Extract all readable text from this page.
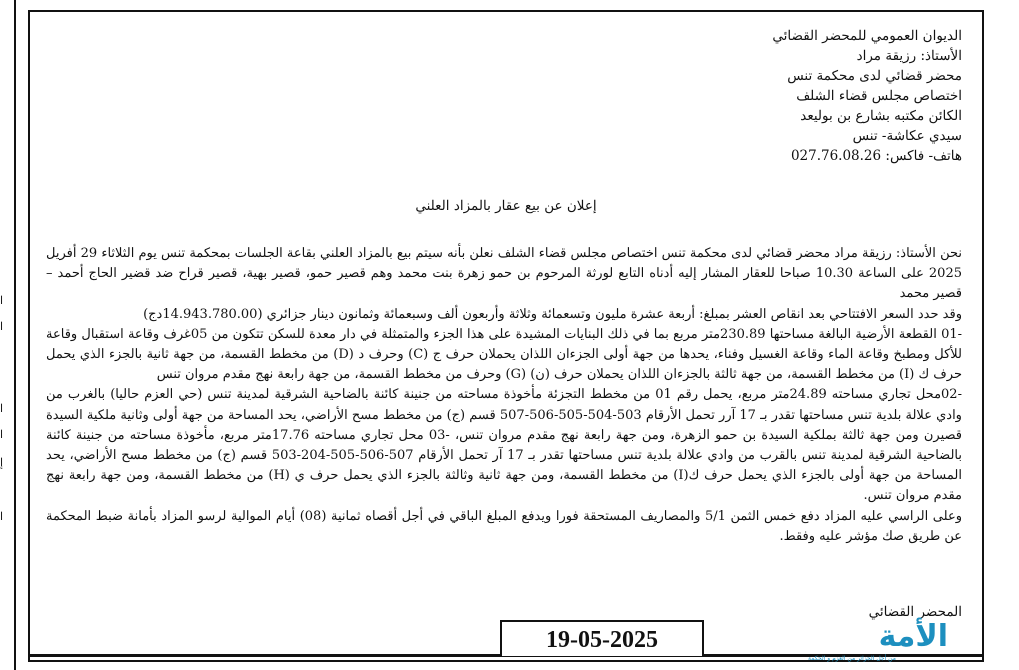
ا
ا
ا
ا
إ
ا
الديوان العمومي للمحضر القضائي
الأستاذ: رزيقة مراد
محضر قضائي لدى محكمة تنس
اختصاص مجلس قضاء الشلف
الكائن مكتبه بشارع بن بوليعد
سيدي عكاشة- تنس
هاتف- فاكس: 027.76.08.26
إعلان عن بيع عقار بالمزاد العلني

نحن الأستاذ: رزيقة مراد محضر قضائي لدى محكمة تنس اختصاص مجلس قضاء الشلف نعلن بأنه سيتم بيع بالمزاد العلني بقاعة الجلسات بمحكمة تنس يوم الثلاثاء 29 أفريل 2025 على الساعة 10.30 صباحا للعقار المشار إليه أدناه التابع لورثة المرحوم بن حمو زهرة بنت محمد وهم قصير حمو، قصير بهية، قصير قراح ضد قضير الحاج أحمد – قصير محمد

وقد حدد السعر الافتتاحي بعد انقاص العشر بمبلغ: أربعة عشرة مليون وتسعمائة وثلاثة وأربعون ألف وسبعمائة وثمانون دينار جزائري (14.943.780.00دج)

-01 القطعة الأرضية البالغة مساحتها 230.89متر مربع بما في ذلك البنايات المشيدة على هذا الجزء والمتمثلة في دار معدة للسكن تتكون من 05غرف وقاعة استقبال وقاعة للأكل ومطبخ وقاعة الماء وقاعة الغسيل وفناء، يحدها من جهة أولى الجزءان اللذان يحملان حرف ج (C) وحرف د (D) من مخطط القسمة، من جهة ثانية بالجزء الذي يحمل حرف ك (I) من مخطط القسمة، من جهة ثالثة بالجزءان اللذان يحملان حرف (ن) (G) وحرف من مخطط القسمة، من جهة رابعة نهج مقدم مروان تنس

-02محل تجاري مساحته 24.89متر مربع، يحمل رقم 01 من مخطط التجزئة مأخوذة مساحته من جنينة كائنة بالضاحية الشرقية لمدينة تنس (حي العزم حاليا) بالغرب من وادي علالة بلدية تنس مساحتها تقدر بـ 17 آرر تحمل الأرقام 503-504-505-506-507 قسم (ج) من مخطط مسح الأراضي، يحد المساحة من جهة أولى وثانية ملكية السيدة قصيرن ومن جهة ثالثة بملكية السيدة بن حمو الزهرة، ومن جهة رابعة نهج مقدم مروان تنس، -03 محل تجاري مساحته 17.76متر مربع، مأخوذة مساحته من جنينة كائنة بالضاحية الشرقية لمدينة تنس بالقرب من وادي علالة بلدية تنس مساحتها تقدر بـ 17 آر تحمل الأرقام 507-506-505-204-503 قسم (ج) من مخطط مسح الأراضي، يحد المساحة من جهة أولى بالجزء الذي يحمل حرف ك(I) من مخطط القسمة، ومن جهة ثانية وثالثة بالجزء الذي يحمل حرف ي (H) من مخطط القسمة، ومن جهة رابعة نهج مقدم مروان تنس.

وعلى الراسي عليه المزاد دفع خمس الثمن 5/1 والمصاريف المستحقة فورا ويدفع المبلغ الباقي في أجل أقصاه ثمانية (08) أيام الموالية لرسو المزاد بأمانة ضبط المحكمة عن طريق صك مؤشر عليه وفقط.

المحضر القضائي
19-05-2025	الأمة
من أجل الجزائر من العزم و الحكمة
